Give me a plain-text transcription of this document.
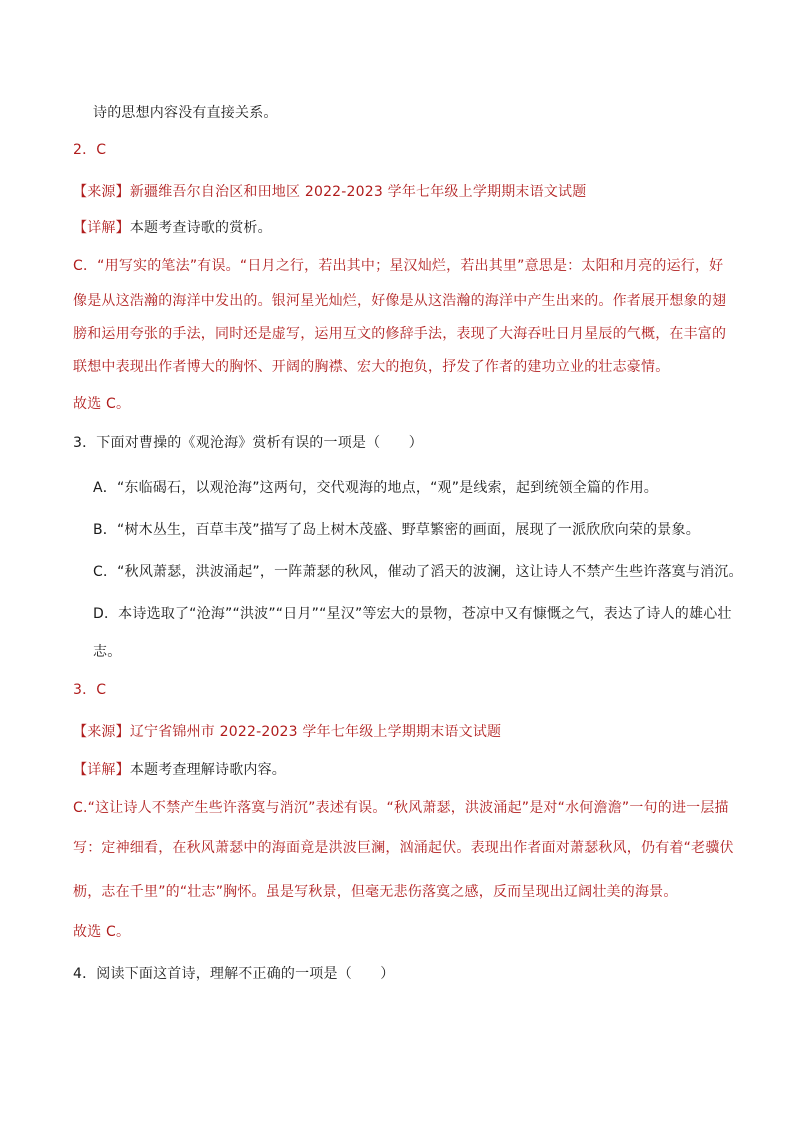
诗的思想内容没有直接关系。
2．C
【来源】新疆维吾尔自治区和田地区 2022-2023 学年七年级上学期期末语文试题
【详解】本题考查诗歌的赏析。
C．“用写实的笔法”有误。“日月之行，若出其中；星汉灿烂，若出其里”意思是：太阳和月亮的运行，好
像是从这浩瀚的海洋中发出的。银河星光灿烂，好像是从这浩瀚的海洋中产生出来的。作者展开想象的翅
膀和运用夸张的手法，同时还是虚写，运用互文的修辞手法，表现了大海吞吐日月星辰的气概，在丰富的
联想中表现出作者博大的胸怀、开阔的胸襟、宏大的抱负，抒发了作者的建功立业的壮志豪情。
故选 C。
3．下面对曹操的《观沧海》赏析有误的一项是（　　）
A．“东临碣石，以观沧海”这两句，交代观海的地点，“观”是线索，起到统领全篇的作用。
B．“树木丛生，百草丰茂”描写了岛上树木茂盛、野草繁密的画面，展现了一派欣欣向荣的景象。
C．“秋风萧瑟，洪波涌起”，一阵萧瑟的秋风，催动了滔天的波澜，这让诗人不禁产生些许落寞与消沉。
D．本诗选取了“沧海”“洪波”“日月”“星汉”等宏大的景物，苍凉中又有慷慨之气，表达了诗人的雄心壮
志。
3．C
【来源】辽宁省锦州市 2022-2023 学年七年级上学期期末语文试题
【详解】本题考查理解诗歌内容。
C.“这让诗人不禁产生些许落寞与消沉”表述有误。“秋风萧瑟，洪波涌起”是对“水何澹澹”一句的进一层描
写：定神细看，在秋风萧瑟中的海面竟是洪波巨澜，汹涌起伏。表现出作者面对萧瑟秋风，仍有着“老骥伏
枥，志在千里”的“壮志”胸怀。虽是写秋景，但毫无悲伤落寞之感，反而呈现出辽阔壮美的海景。
故选 C。
4．阅读下面这首诗，理解不正确的一项是（　　）
